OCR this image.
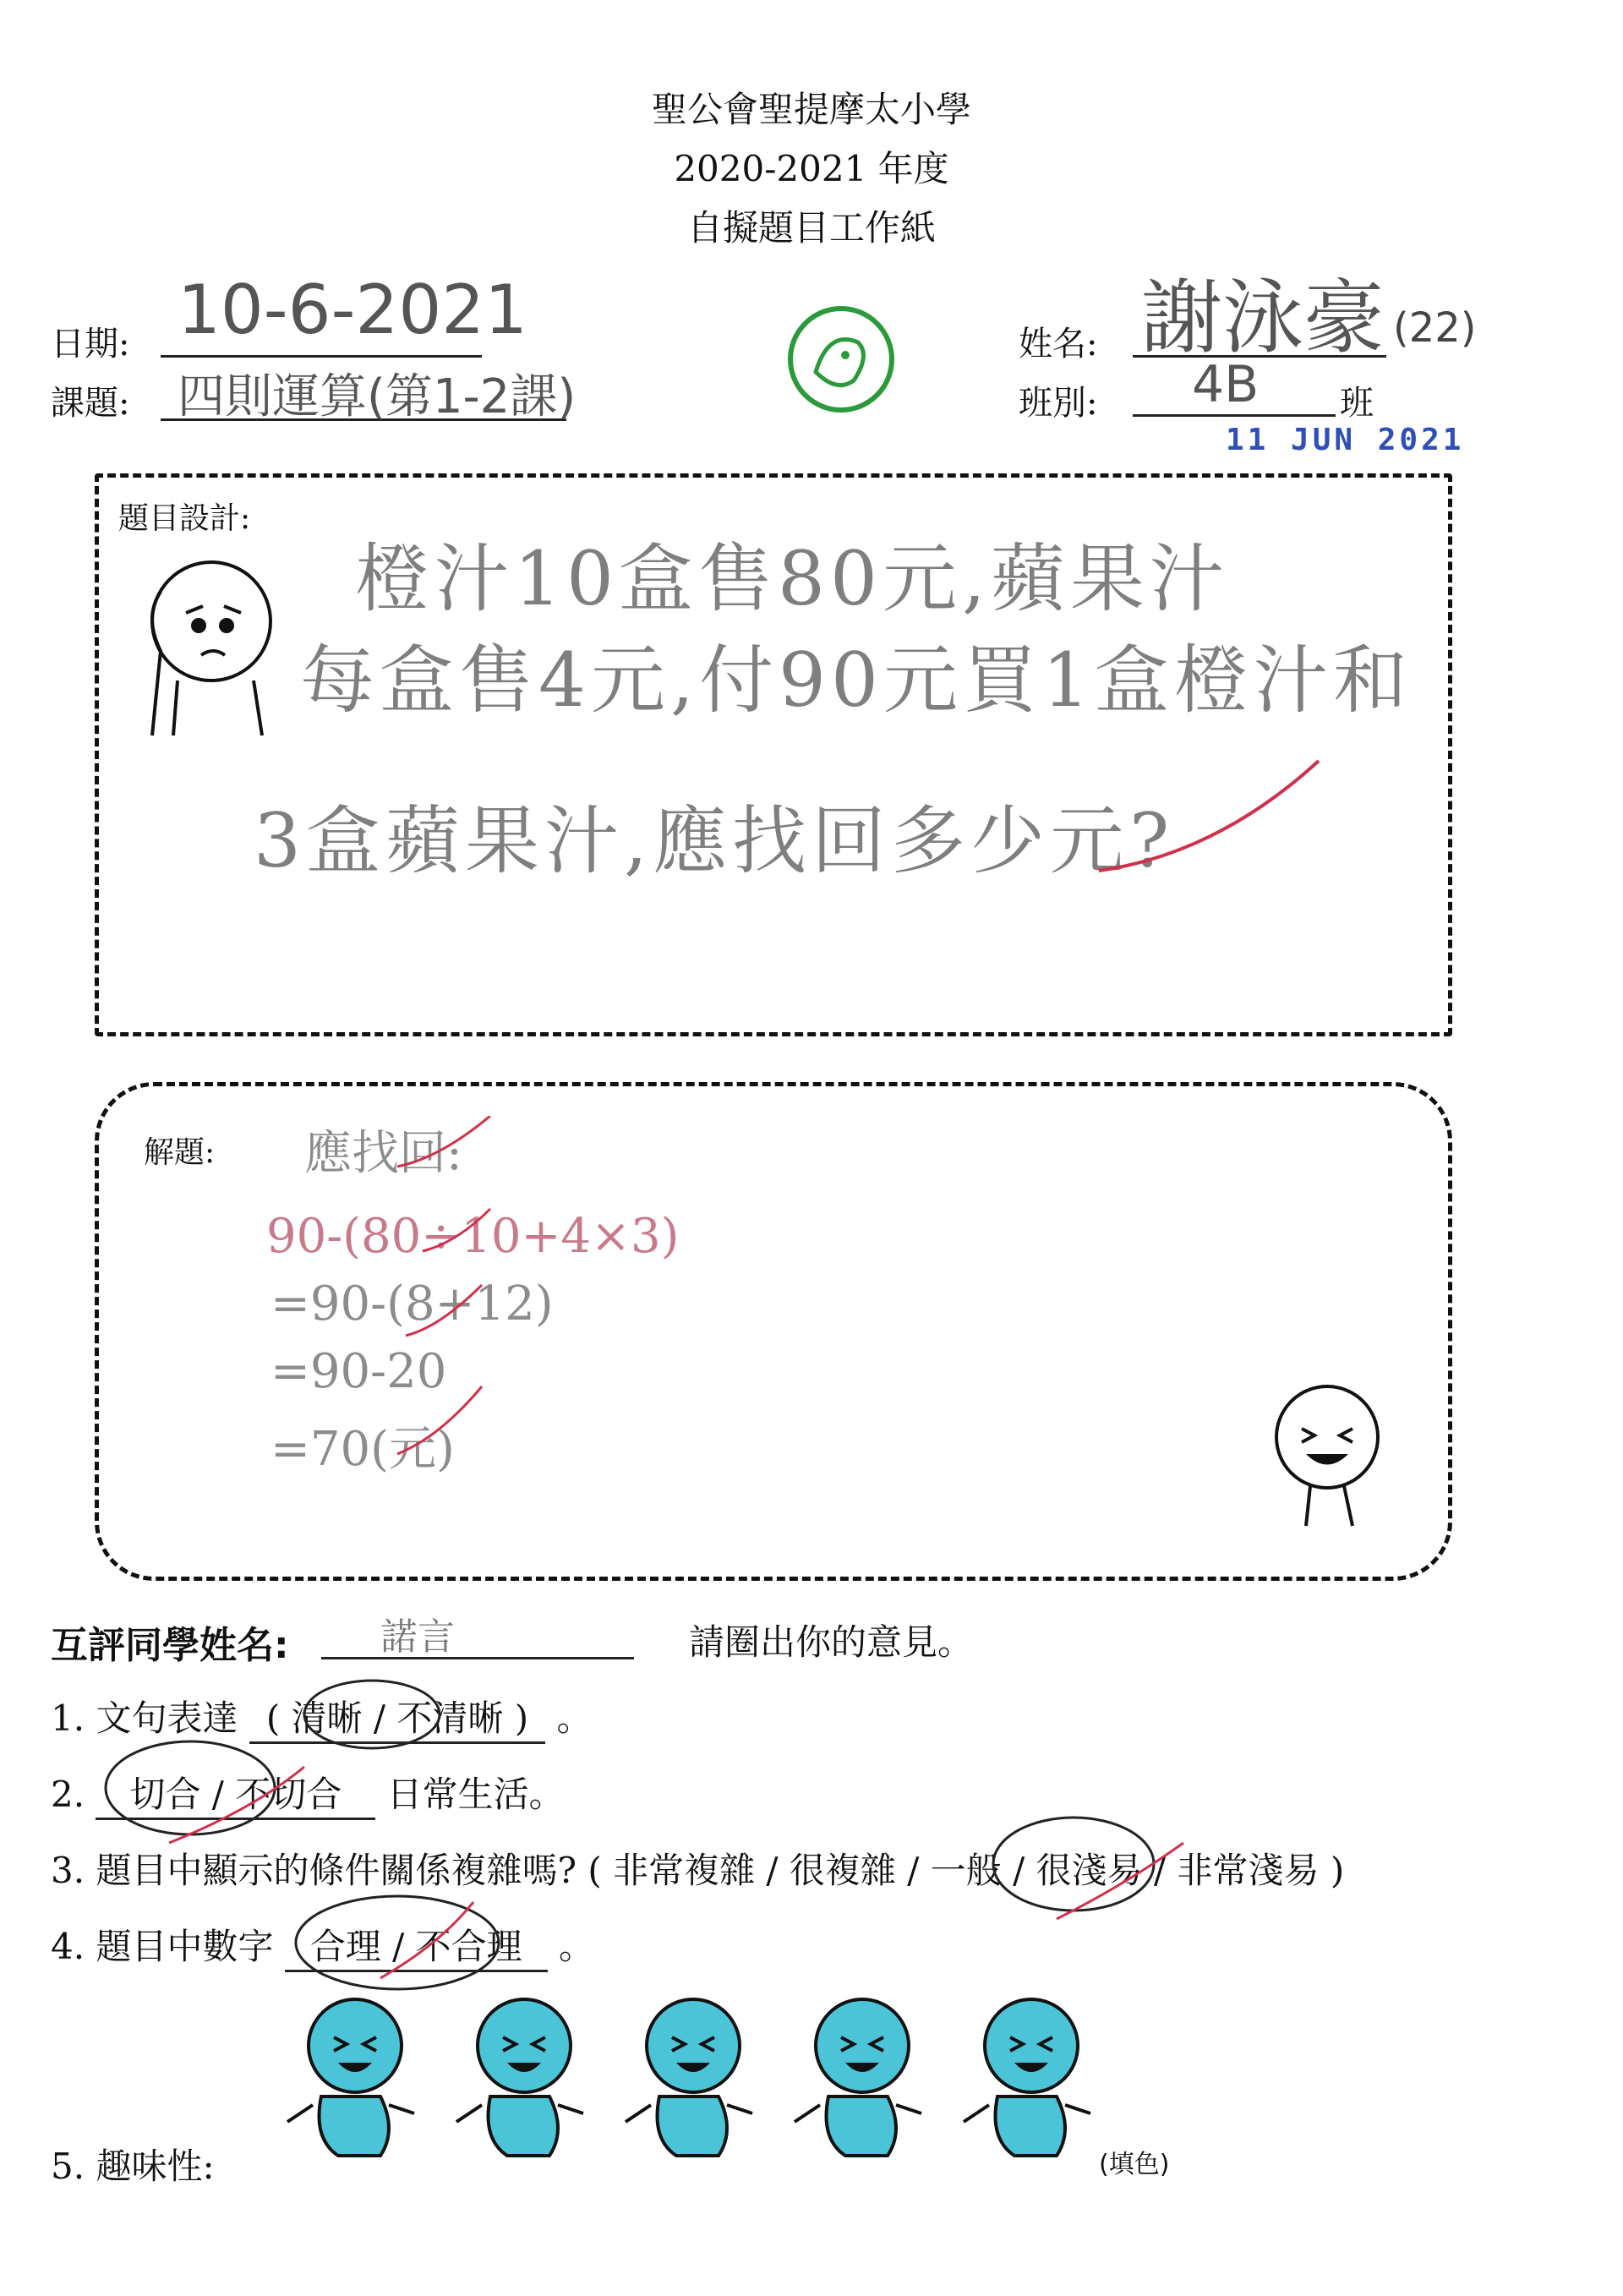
聖公會聖提摩太小學
2020-2021 年度
自擬題目工作紙
日期: 10-6-2021
課題: 四則運算(第1-2課)
姓名: 謝泳豪 (22)
班別: 4B 班
11 JUN 2021
題目設計:
橙汁10盒售80元,蘋果汁
每盒售4元,付90元買1盒橙汁和
3盒蘋果汁,應找回多少元?
解題: 應找回:
90-(80÷10+4×3)
=90-(8+12)
=90-20
=70(元)
互評同學姓名: 諾言	請圈出你的意見。
1. 文句表達 ( 清晰 / 不清晰 ) 。
2. 切合 / 不切合 日常生活。
3. 題目中顯示的條件關係複雜嗎? ( 非常複雜 / 很複雜 / 一般 / 很淺易 / 非常淺易 )
4. 題目中數字 合理 / 不合理 。
5. 趣味性:	(填色)
